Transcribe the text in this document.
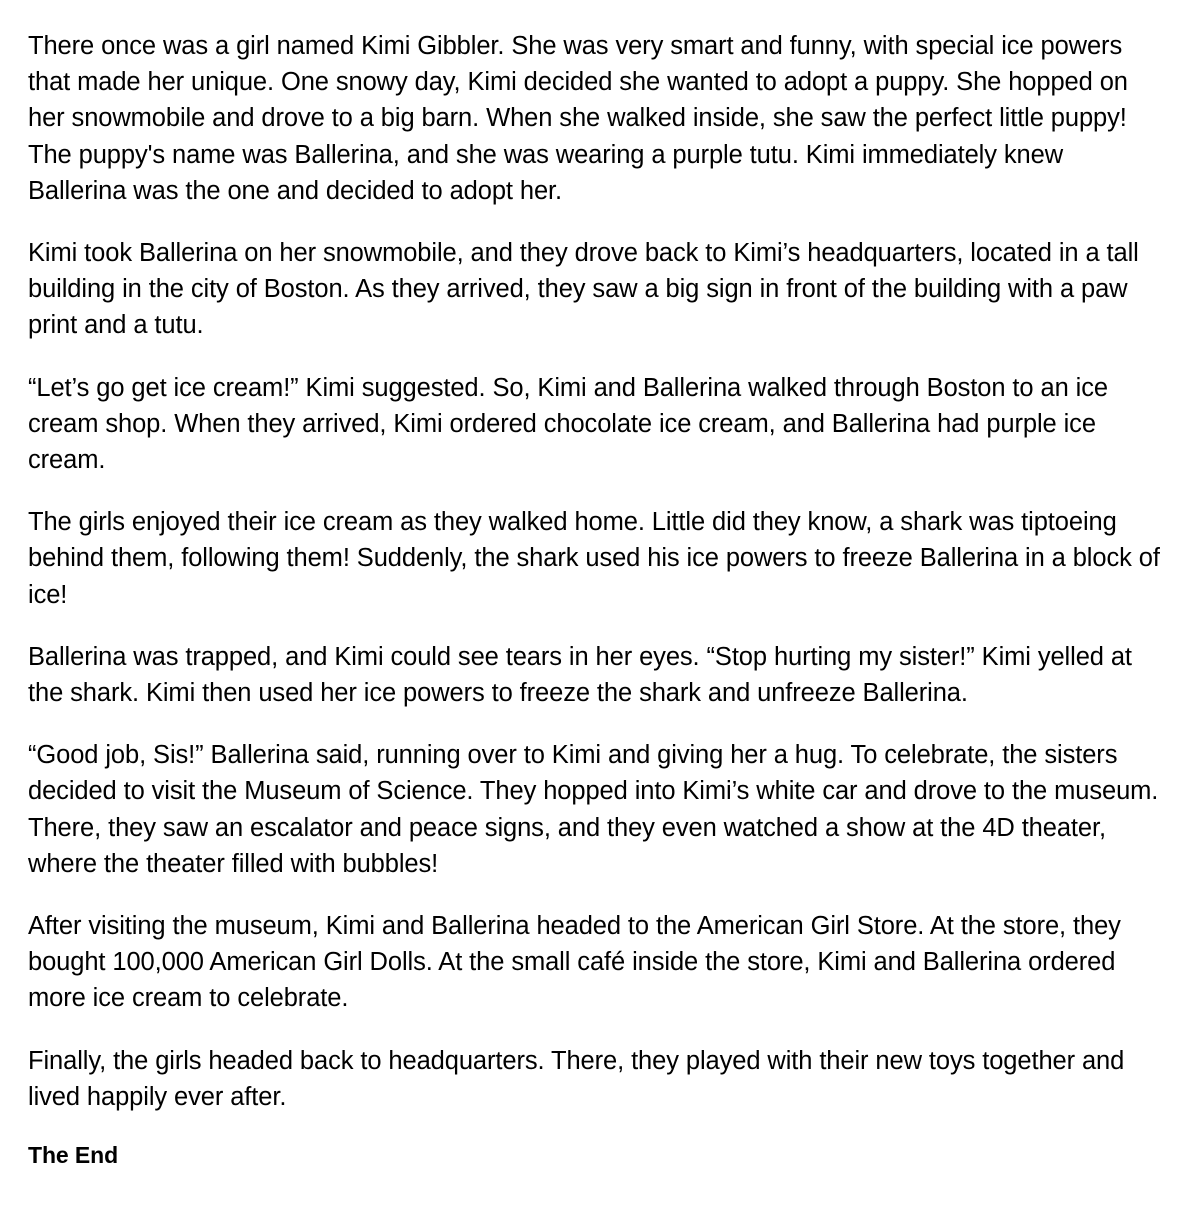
There once was a girl named Kimi Gibbler. She was very smart and funny, with special ice powers that made her unique. One snowy day, Kimi decided she wanted to adopt a puppy. She hopped on her snowmobile and drove to a big barn. When she walked inside, she saw the perfect little puppy! The puppy's name was Ballerina, and she was wearing a purple tutu. Kimi immediately knew Ballerina was the one and decided to adopt her.

Kimi took Ballerina on her snowmobile, and they drove back to Kimi’s headquarters, located in a tall building in the city of Boston. As they arrived, they saw a big sign in front of the building with a paw print and a tutu.

“Let’s go get ice cream!” Kimi suggested. So, Kimi and Ballerina walked through Boston to an ice cream shop. When they arrived, Kimi ordered chocolate ice cream, and Ballerina had purple ice cream.

The girls enjoyed their ice cream as they walked home. Little did they know, a shark was tiptoeing behind them, following them! Suddenly, the shark used his ice powers to freeze Ballerina in a block of ice!

Ballerina was trapped, and Kimi could see tears in her eyes. “Stop hurting my sister!” Kimi yelled at the shark. Kimi then used her ice powers to freeze the shark and unfreeze Ballerina.

“Good job, Sis!” Ballerina said, running over to Kimi and giving her a hug. To celebrate, the sisters decided to visit the Museum of Science. They hopped into Kimi’s white car and drove to the museum. There, they saw an escalator and peace signs, and they even watched a show at the 4D theater, where the theater filled with bubbles!

After visiting the museum, Kimi and Ballerina headed to the American Girl Store. At the store, they bought 100,000 American Girl Dolls. At the small café inside the store, Kimi and Ballerina ordered more ice cream to celebrate.

Finally, the girls headed back to headquarters. There, they played with their new toys together and lived happily ever after.

The End
